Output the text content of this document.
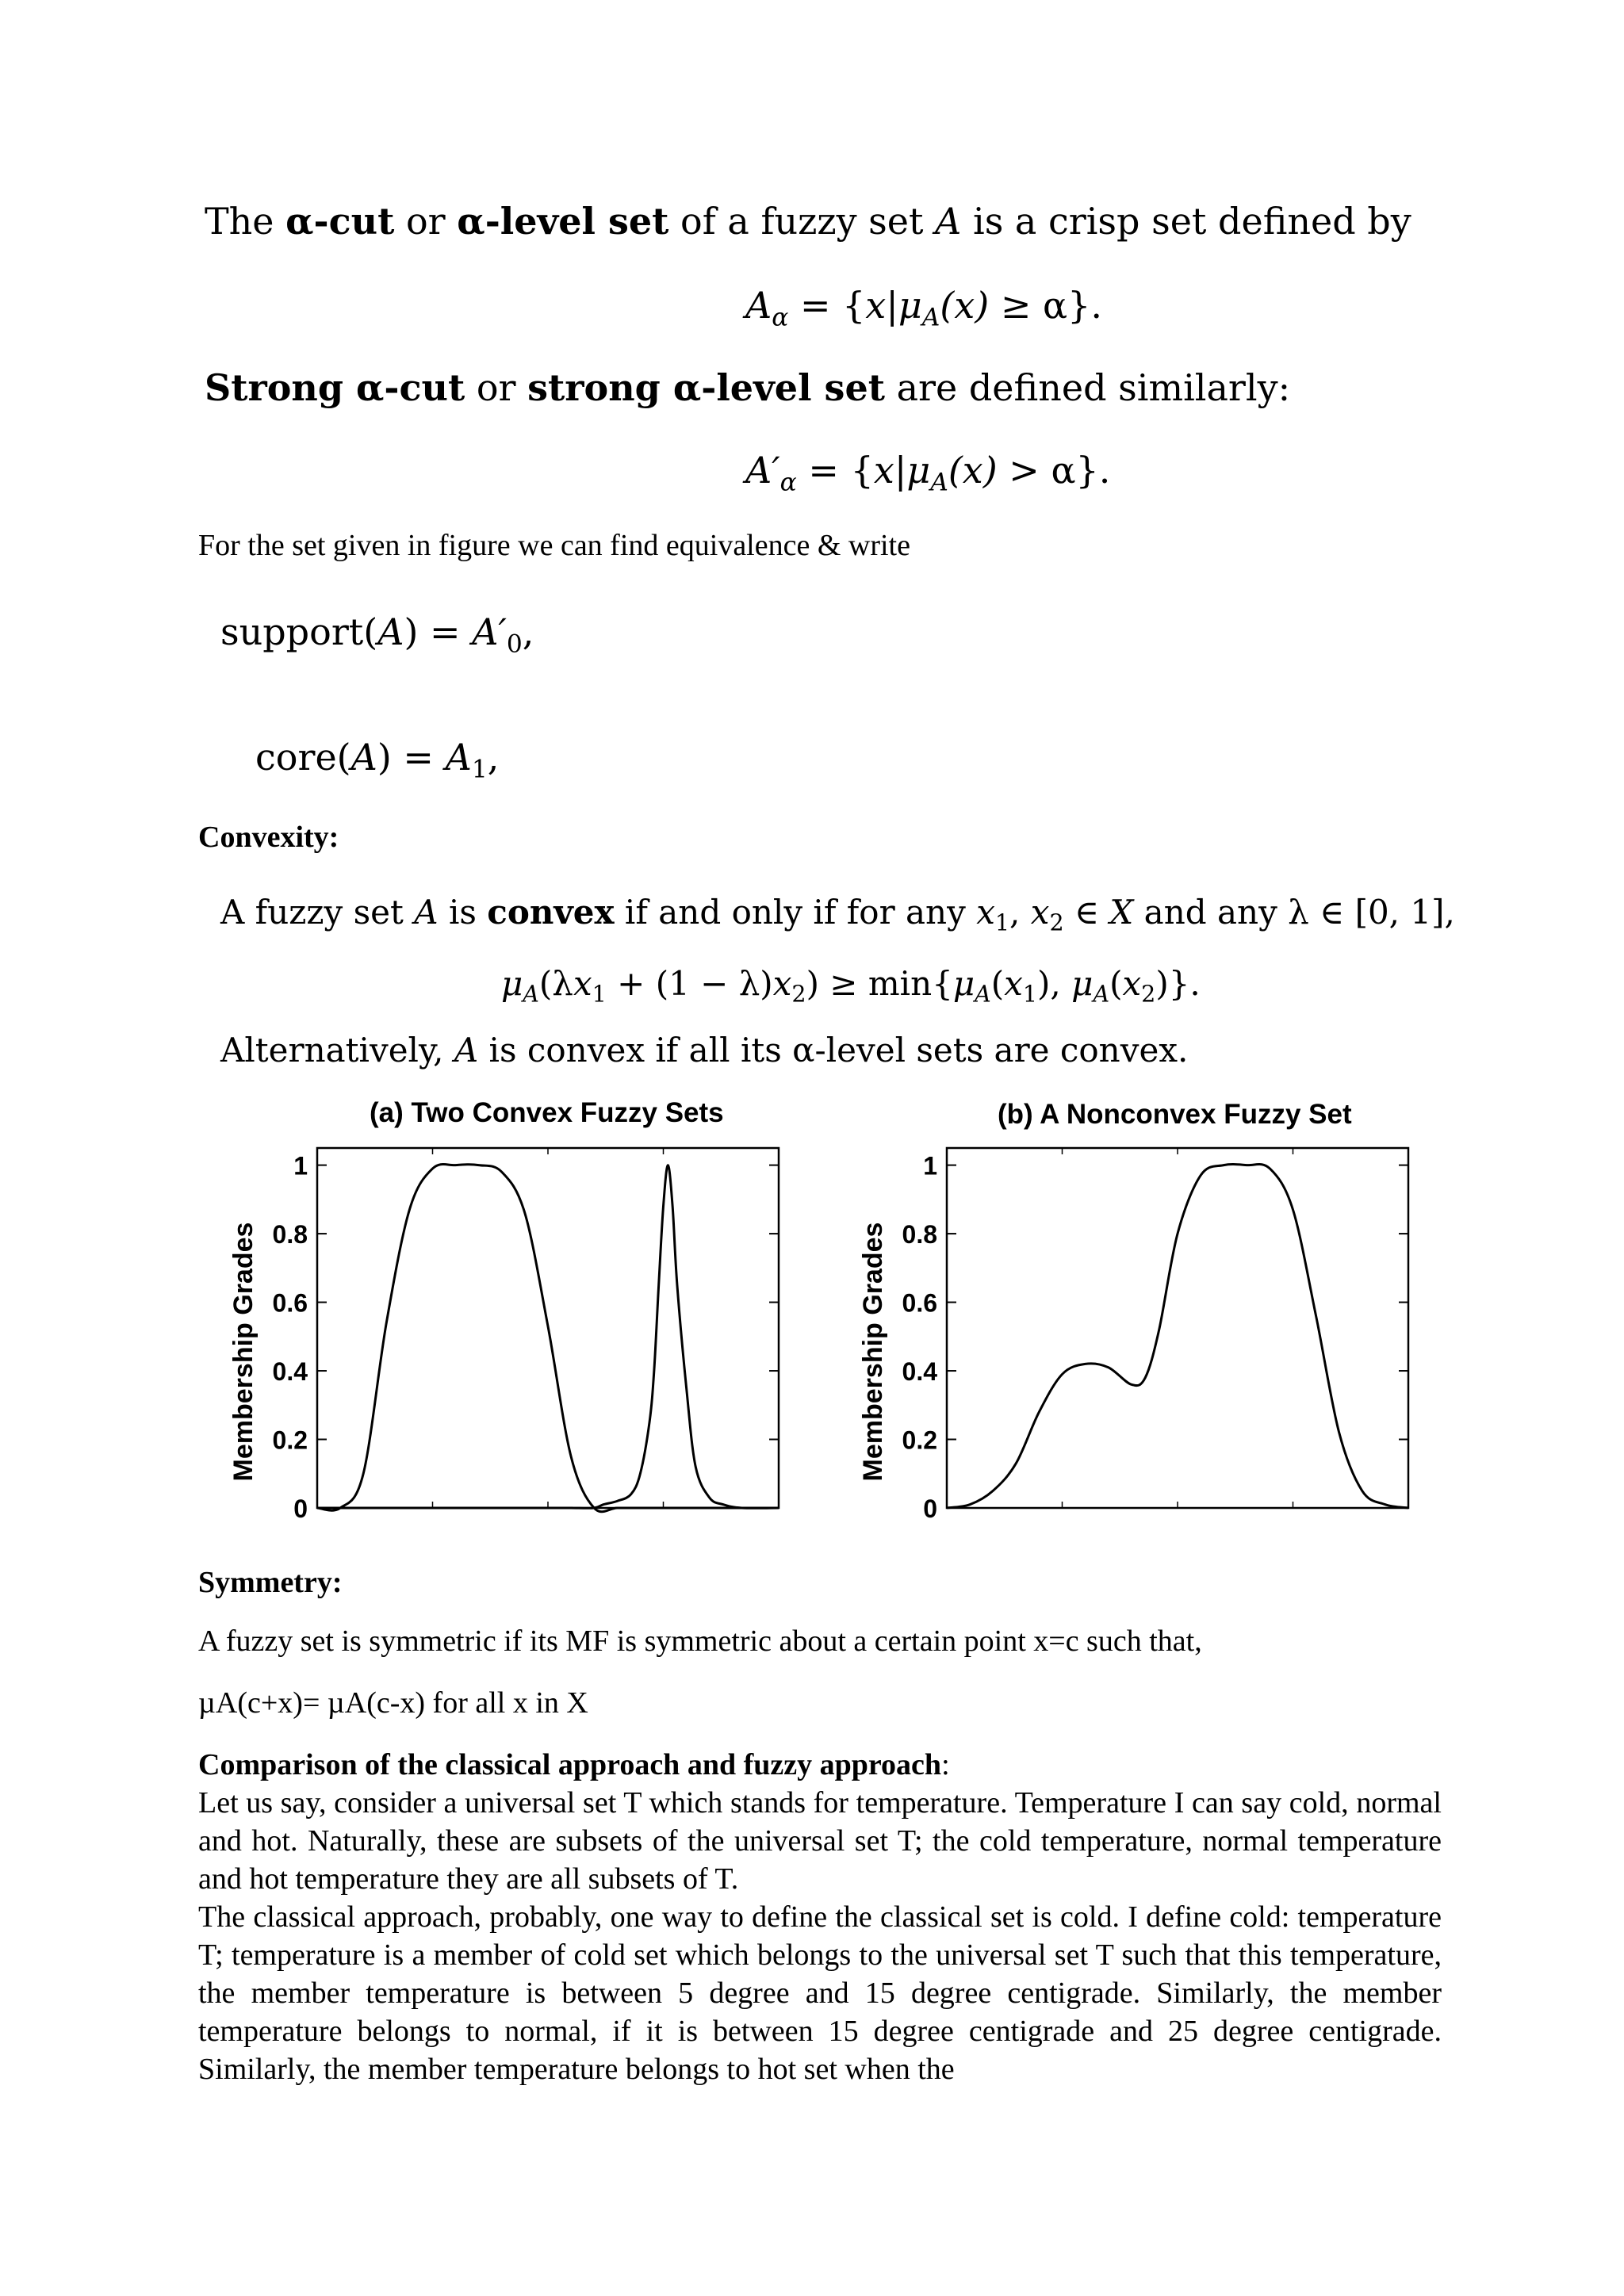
The α-cut or α-level set of a fuzzy set A is a crisp set defined by
$A_\alpha = \{x|\mu_A(x) \ge \alpha\}$.
Strong α-cut or strong α-level set are defined similarly:
$A'_\alpha = \{x|\mu_A(x) > \alpha\}$.
For the set given in figure we can find equivalence & write
support(A) = $A'_0$,
core(A) = $A_1$,
Convexity:
A fuzzy set A is convex if and only if for any $x_1$, $x_2$ ∈ X and any λ ∈ [0, 1],
$\mu_A(\lambda x_1 + (1 - \lambda)x_2) \ge \min\{\mu_A(x_1)$, $\mu_A(x_2)$}.
Alternatively, A is convex if all its α-level sets are convex.
(a) Two Convex Fuzzy Sets	(b) A Nonconvex Fuzzy Set
0
0.2
0.4
0.6
0.8
1
Membership Grades
0
0.2
0.4
0.6
0.8
1
Membership Grades
Symmetry:
A fuzzy set is symmetric if its MF is symmetric about a certain point x=c such that,
µA(c+x)= µA(c-x) for all x in X
Comparison of the classical approach and fuzzy approach:
Let us say, consider a universal set T which stands for temperature. Temperature I can say cold, normal and hot. Naturally, these are subsets of the universal set T; the cold temperature, normal temperature and hot temperature they are all subsets of T.
The classical approach, probably, one way to define the classical set is cold. I define cold: temperature T; temperature is a member of cold set which belongs to the universal set T such that this temperature, the member temperature is between 5 degree and 15 degree centigrade. Similarly, the member temperature belongs to normal, if it is between 15 degree centigrade and 25 degree centigrade. Similarly, the member temperature belongs to hot set when the
